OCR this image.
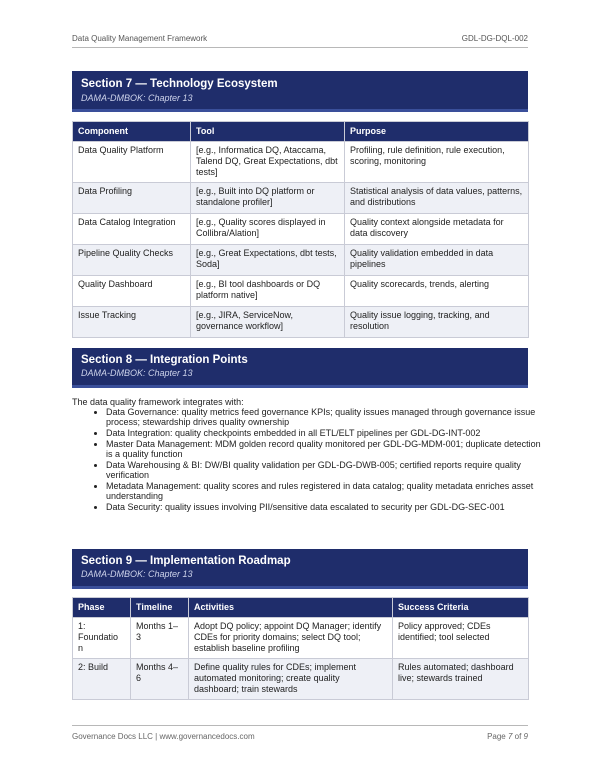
Data Quality Management Framework	GDL-DG-DQL-002
Section 7 — Technology Ecosystem
DAMA-DMBOK: Chapter 13
Component	Tool	Purpose
Data Quality Platform	[e.g., Informatica DQ, Ataccama, Talend DQ, Great Expectations, dbt tests]	Profiling, rule definition, rule execution, scoring, monitoring
Data Profiling	[e.g., Built into DQ platform or standalone profiler]	Statistical analysis of data values, patterns, and distributions
Data Catalog Integration	[e.g., Quality scores displayed in Collibra/Alation]	Quality context alongside metadata for data discovery
Pipeline Quality Checks	[e.g., Great Expectations, dbt tests, Soda]	Quality validation embedded in data pipelines
Quality Dashboard	[e.g., BI tool dashboards or DQ platform native]	Quality scorecards, trends, alerting
Issue Tracking	[e.g., JIRA, ServiceNow, governance workflow]	Quality issue logging, tracking, and resolution
Section 8 — Integration Points
DAMA-DMBOK: Chapter 13
The data quality framework integrates with:
• Data Governance: quality metrics feed governance KPIs; quality issues managed through governance issue process; stewardship drives quality ownership
• Data Integration: quality checkpoints embedded in all ETL/ELT pipelines per GDL-DG-INT-002
• Master Data Management: MDM golden record quality monitored per GDL-DG-MDM-001; duplicate detection is a quality function
• Data Warehousing & BI: DW/BI quality validation per GDL-DG-DWB-005; certified reports require quality verification
• Metadata Management: quality scores and rules registered in data catalog; quality metadata enriches asset understanding
• Data Security: quality issues involving PII/sensitive data escalated to security per GDL-DG-SEC-001
Section 9 — Implementation Roadmap
DAMA-DMBOK: Chapter 13
Phase	Timeline	Activities	Success Criteria
1: Foundatio n	Months 1– 3	Adopt DQ policy; appoint DQ Manager; identify CDEs for priority domains; select DQ tool; establish baseline profiling	Policy approved; CDEs identified; tool selected
2: Build	Months 4– 6	Define quality rules for CDEs; implement automated monitoring; create quality dashboard; train stewards	Rules automated; dashboard live; stewards trained
Governance Docs LLC | www.governancedocs.com	Page 7 of 9
